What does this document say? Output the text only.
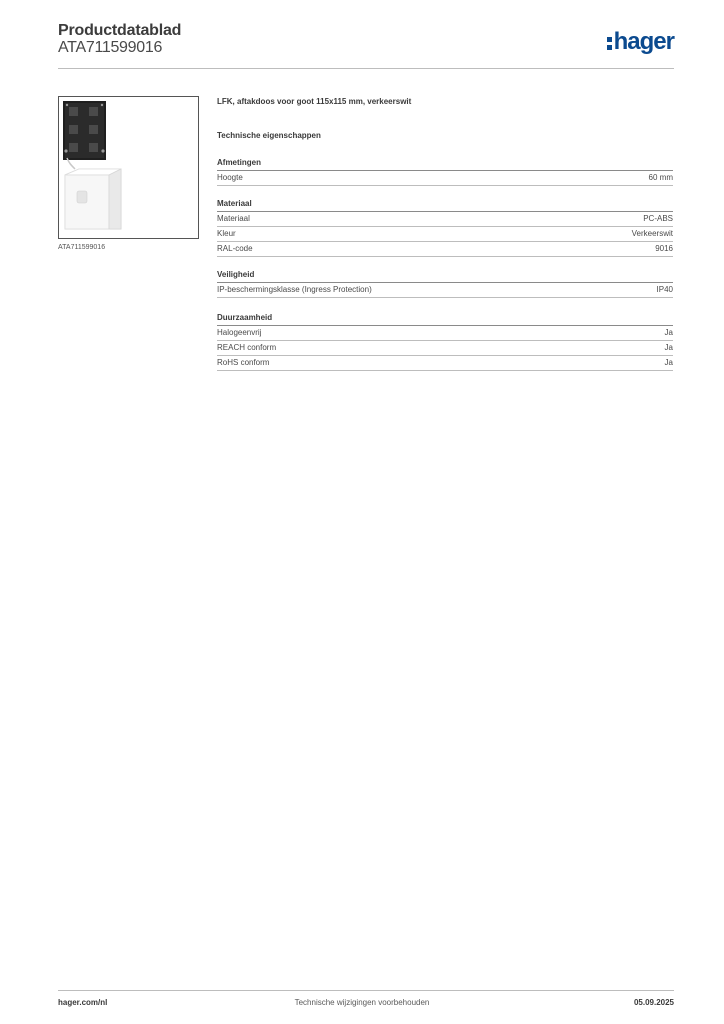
Productdatablad
ATA711599016	hager
ATA711599016
LFK, aftakdoos voor goot 115x115 mm, verkeerswit
Technische eigenschappen
Afmetingen
Hoogte	60 mm
Materiaal
Materiaal	PC-ABS
Kleur	Verkeerswit
RAL-code	9016
Veiligheid
IP-beschermingsklasse (Ingress Protection)	IP40
Duurzaamheid
Halogeenvrij	Ja
REACH conform	Ja
RoHS conform	Ja
hager.com/nl	Technische wijzigingen voorbehouden	05.09.2025
